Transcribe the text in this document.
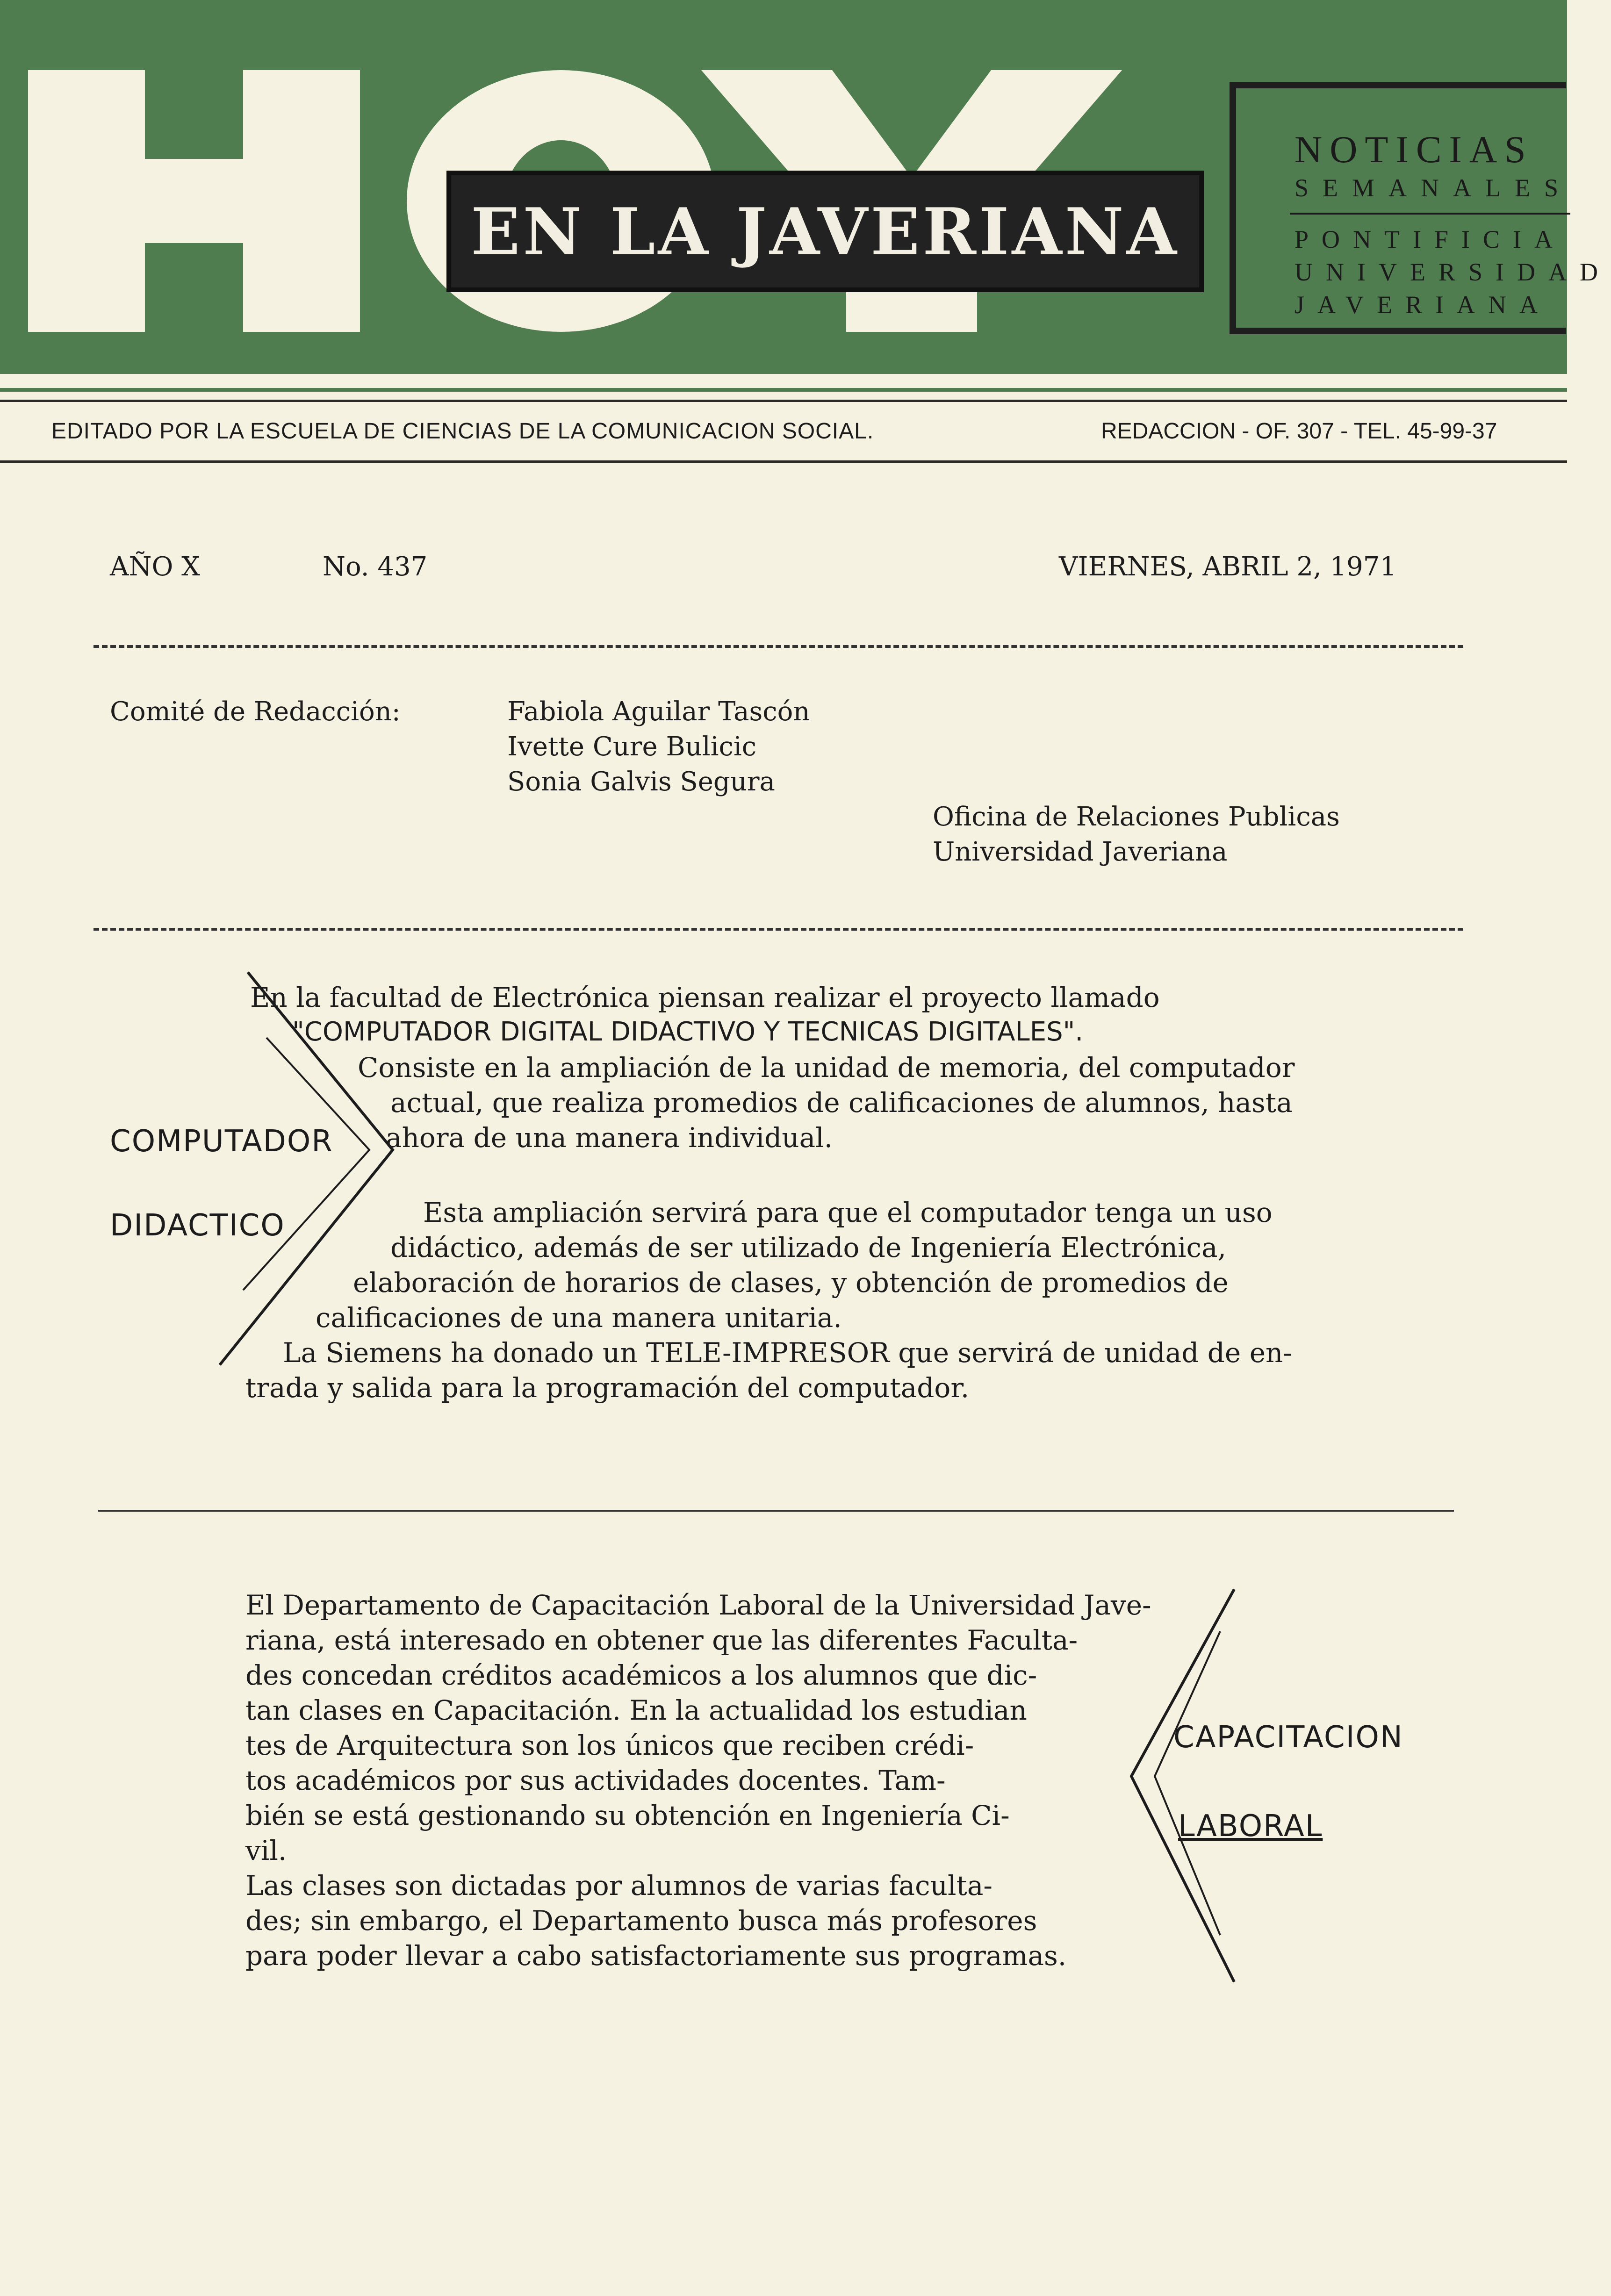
EN LA JAVERIANA
NOTICIAS
SEMANALES
PONTIFICIA
UNIVERSIDAD
JAVERIANA
EDITADO POR LA ESCUELA DE CIENCIAS DE LA COMUNICACION SOCIAL.	REDACCION - OF. 307 - TEL. 45-99-37
AÑO X	No. 437	VIERNES, ABRIL 2, 1971
Comité de Redacción:	Fabiola Aguilar Tascón
Ivette Cure Bulicic
Sonia Galvis Segura
Oficina de Relaciones Publicas
Universidad Javeriana
COMPUTADOR
DIDACTICO
En la facultad de Electrónica piensan realizar el proyecto llamado
"COMPUTADOR DIGITAL DIDACTIVO Y TECNICAS DIGITALES".
Consiste en la ampliación de la unidad de memoria, del computador
actual, que realiza promedios de calificaciones de alumnos, hasta
ahora de una manera individual.
Esta ampliación servirá para que el computador tenga un uso
didáctico, además de ser utilizado de Ingeniería Electrónica,
elaboración de horarios de clases, y obtención de promedios de
calificaciones de una manera unitaria.
La Siemens ha donado un TELE-IMPRESOR que servirá de unidad de en-
trada y salida para la programación del computador.
El Departamento de Capacitación Laboral de la Universidad Jave-
riana, está interesado en obtener que las diferentes Faculta-
des concedan créditos académicos a los alumnos que dic-
tan clases en Capacitación. En la actualidad los estudian
tes de Arquitectura son los únicos que reciben crédi-
tos académicos por sus actividades docentes. Tam-
bién se está gestionando su obtención en Ingeniería Ci-
vil.
Las clases son dictadas por alumnos de varias faculta-
des; sin embargo, el Departamento busca más profesores
para poder llevar a cabo satisfactoriamente sus programas.
CAPACITACION
LABORAL
